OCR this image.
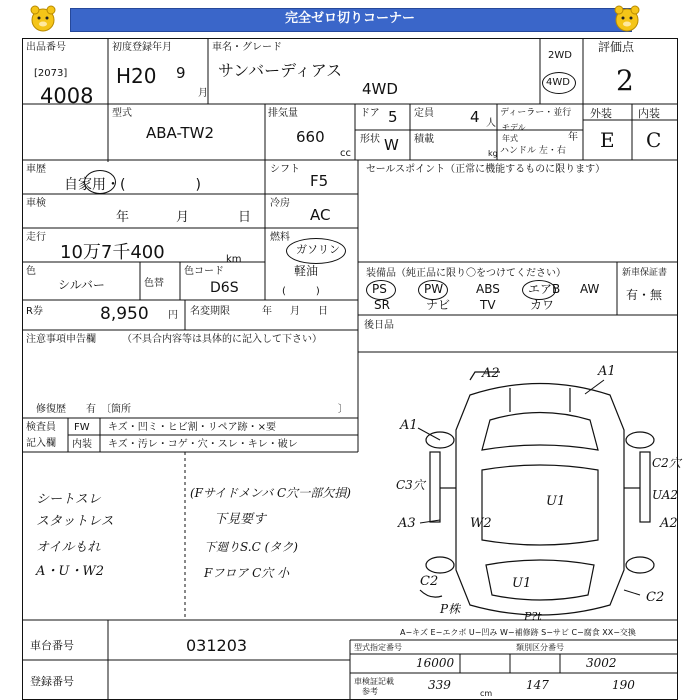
完全ゼロ切りコーナー
出品番号
[2073]
4008
初度登録年月
H20 9
月
車名・グレード
サンバーディアス
4WD
2WD
4WD
評価点
2
外装 内装
E C
型式
ABA-TW2
排気量
660
cc
ドア 5 定員 4 人
ディーラー・並行
モデル年式	年
形状 W 積載
kg ハンドル 左・右
車歴
自家用・(　　　　　)
シフト
F5
車検
年	月	日
冷房
AC
走行
10万7千400	km
燃料
ガソリン
軽油
(　　　)
色
シルバー	色替
色コード
D6S
R券	8,950 円 名変期限	年 月 日
セールスポイント（正常に機能するものに限ります）
装備品（純正品に限り〇をつけてください）	新車保証書
有・無
PS	PW	ABS エアB AW
SR	ナビ TV	カワ
後日品
注意事項申告欄	（不具合内容等は具体的に記入して下さい）
修復歴　　有　〔箇所	〕
検査員
記入欄
FW キズ・凹ミ・ヒビ割・リペア跡・×要
内装 キズ・汚レ・コゲ・穴・スレ・キレ・破レ
シートスレ
スタットレス
オイルもれ
A・U・W2
(Fサイドメンバ C穴一部欠損)
下見要す
下廻りS.C (タク)
Fフロア C穴 小
A2	A1
A1
C2穴
C3穴
UA2
U1
A3	W2	A2
C2	U1
C2
P株
P?t
A−キズ E−エクボ U−凹み W−補修跡 S−サビ C−腐食 XX−交換
車台番号	031203
登録番号
型式指定番号
16000
類別区分番号
3002
車検証記載
参考	339	147	190
cm
